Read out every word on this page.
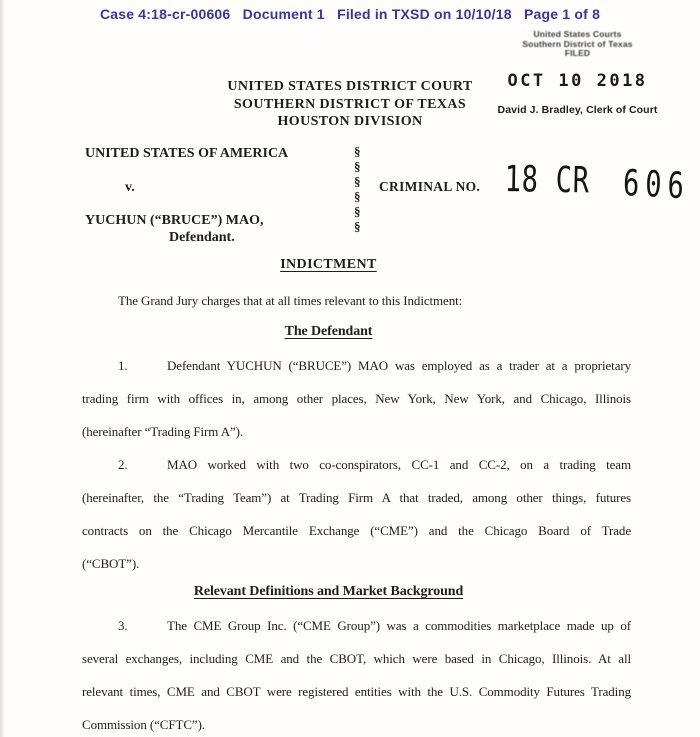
Case 4:18-cr-00606   Document 1   Filed in TXSD on 10/10/18   Page 1 of 8
United States Courts
Southern District of Texas
FILED
OCT 10 2018
David J. Bradley, Clerk of Court
UNITED STATES DISTRICT COURT
SOUTHERN DISTRICT OF TEXAS
HOUSTON DIVISION
UNITED STATES OF AMERICA
v.
YUCHUN (“BRUCE”) MAO,
Defendant.
§
§
§
§
§
§
CRIMINAL NO. 18 CR 606
INDICTMENT
The Grand Jury charges that at all times relevant to this Indictment:
The Defendant
1.	Defendant YUCHUN (“BRUCE”) MAO was employed as a trader at a proprietary
trading firm with offices in, among other places, New York, New York, and Chicago, Illinois
(hereinafter “Trading Firm A”).
2.	MAO worked with two co-conspirators, CC-1 and CC-2, on a trading team
(hereinafter, the “Trading Team”) at Trading Firm A that traded, among other things, futures
contracts on the Chicago Mercantile Exchange (“CME”) and the Chicago Board of Trade
(“CBOT”).
Relevant Definitions and Market Background
3.	The CME Group Inc. (“CME Group”) was a commodities marketplace made up of
several exchanges, including CME and the CBOT, which were based in Chicago, Illinois. At all
relevant times, CME and CBOT were registered entities with the U.S. Commodity Futures Trading
Commission (“CFTC”).
